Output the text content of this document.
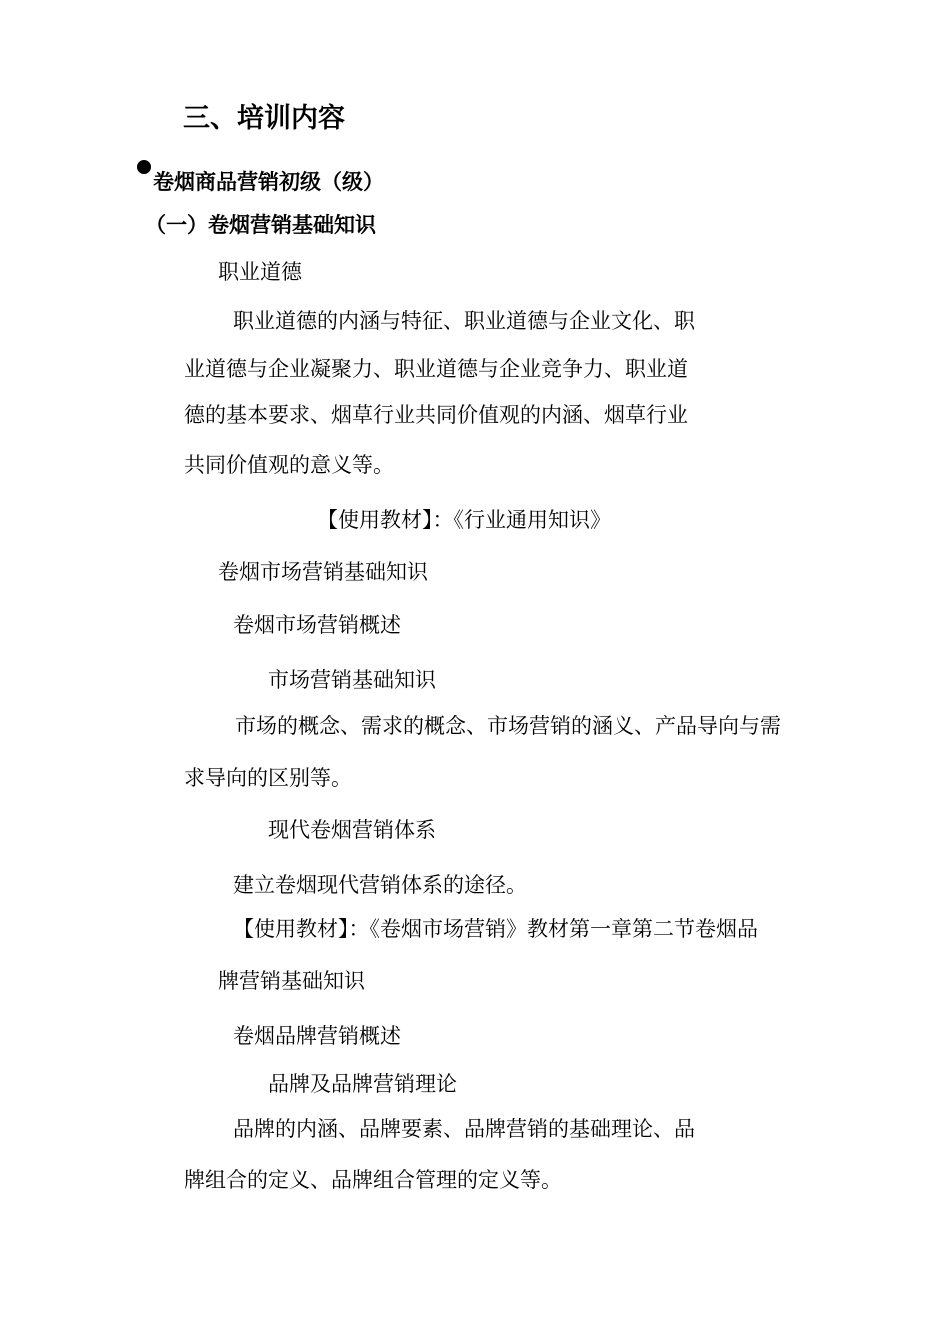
三、培训内容
卷烟商品营销初级（级）
（一）卷烟营销基础知识
职业道德
职业道德的内涵与特征、职业道德与企业文化、职
业道德与企业凝聚力、职业道德与企业竞争力、职业道
德的基本要求、烟草行业共同价值观的内涵、烟草行业
共同价值观的意义等。
【使用教材】：《行业通用知识》
卷烟市场营销基础知识
卷烟市场营销概述
市场营销基础知识
市场的概念、需求的概念、市场营销的涵义、产品导向与需
求导向的区别等。
现代卷烟营销体系
建立卷烟现代营销体系的途径。
【使用教材】：《卷烟市场营销》教材第一章第二节卷烟品
牌营销基础知识
卷烟品牌营销概述
品牌及品牌营销理论
品牌的内涵、品牌要素、品牌营销的基础理论、品
牌组合的定义、品牌组合管理的定义等。
